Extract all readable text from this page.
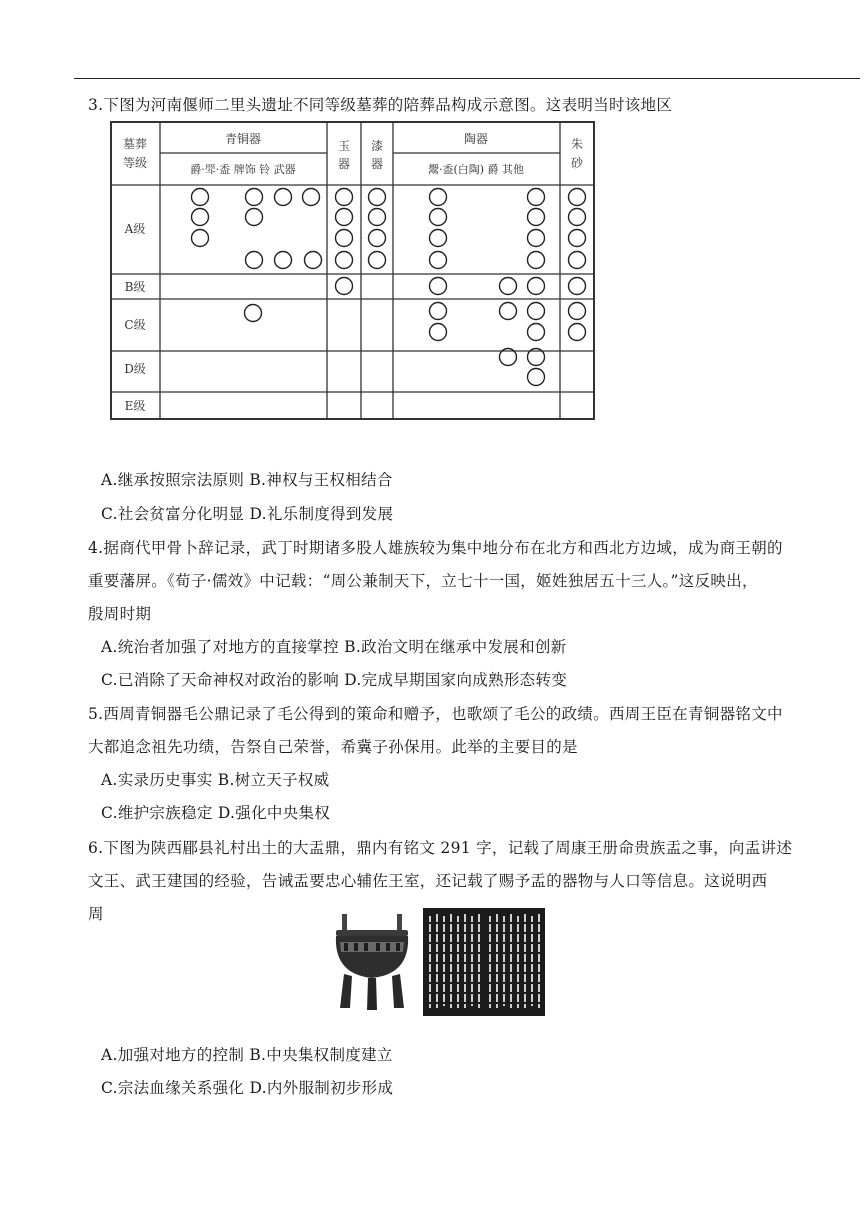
3.下图为河南偃师二里头遗址不同等级墓葬的陪葬品构成示意图。这表明当时该地区
墓葬
等级
青铜器
爵·斝·盉 牌饰 铃 武器
玉
器
漆
器
陶器
鬶·盉(白陶) 爵 其他
朱
砂
A级
B级
C级
D级
E级
A.继承按照宗法原则 B.神权与王权相结合
C.社会贫富分化明显 D.礼乐制度得到发展
4.据商代甲骨卜辞记录，武丁时期诸多股人雄族较为集中地分布在北方和西北方边域，成为商王朝的
重要藩屏。《荀子·儒效》中记载：“周公兼制天下，立七十一国，姬姓独居五十三人。”这反映出，
殷周时期
A.统治者加强了对地方的直接掌控 B.政治文明在继承中发展和创新
C.已消除了天命神权对政治的影响 D.完成早期国家向成熟形态转变
5.西周青铜器毛公鼎记录了毛公得到的策命和赠予，也歌颂了毛公的政绩。西周王臣在青铜器铭文中
大都追念祖先功绩，告祭自己荣誉，希冀子孙保用。此举的主要目的是
A.实录历史事实 B.树立天子权威
C.维护宗族稳定 D.强化中央集权
6.下图为陕西郿县礼村出土的大盂鼎，鼎内有铭文 291 字，记载了周康王册命贵族盂之事，向盂讲述
文王、武王建国的经验，告诫盂要忠心辅佐王室，还记载了赐予盂的器物与人口等信息。这说明西
周
A.加强对地方的控制 B.中央集权制度建立
C.宗法血缘关系强化 D.内外服制初步形成
